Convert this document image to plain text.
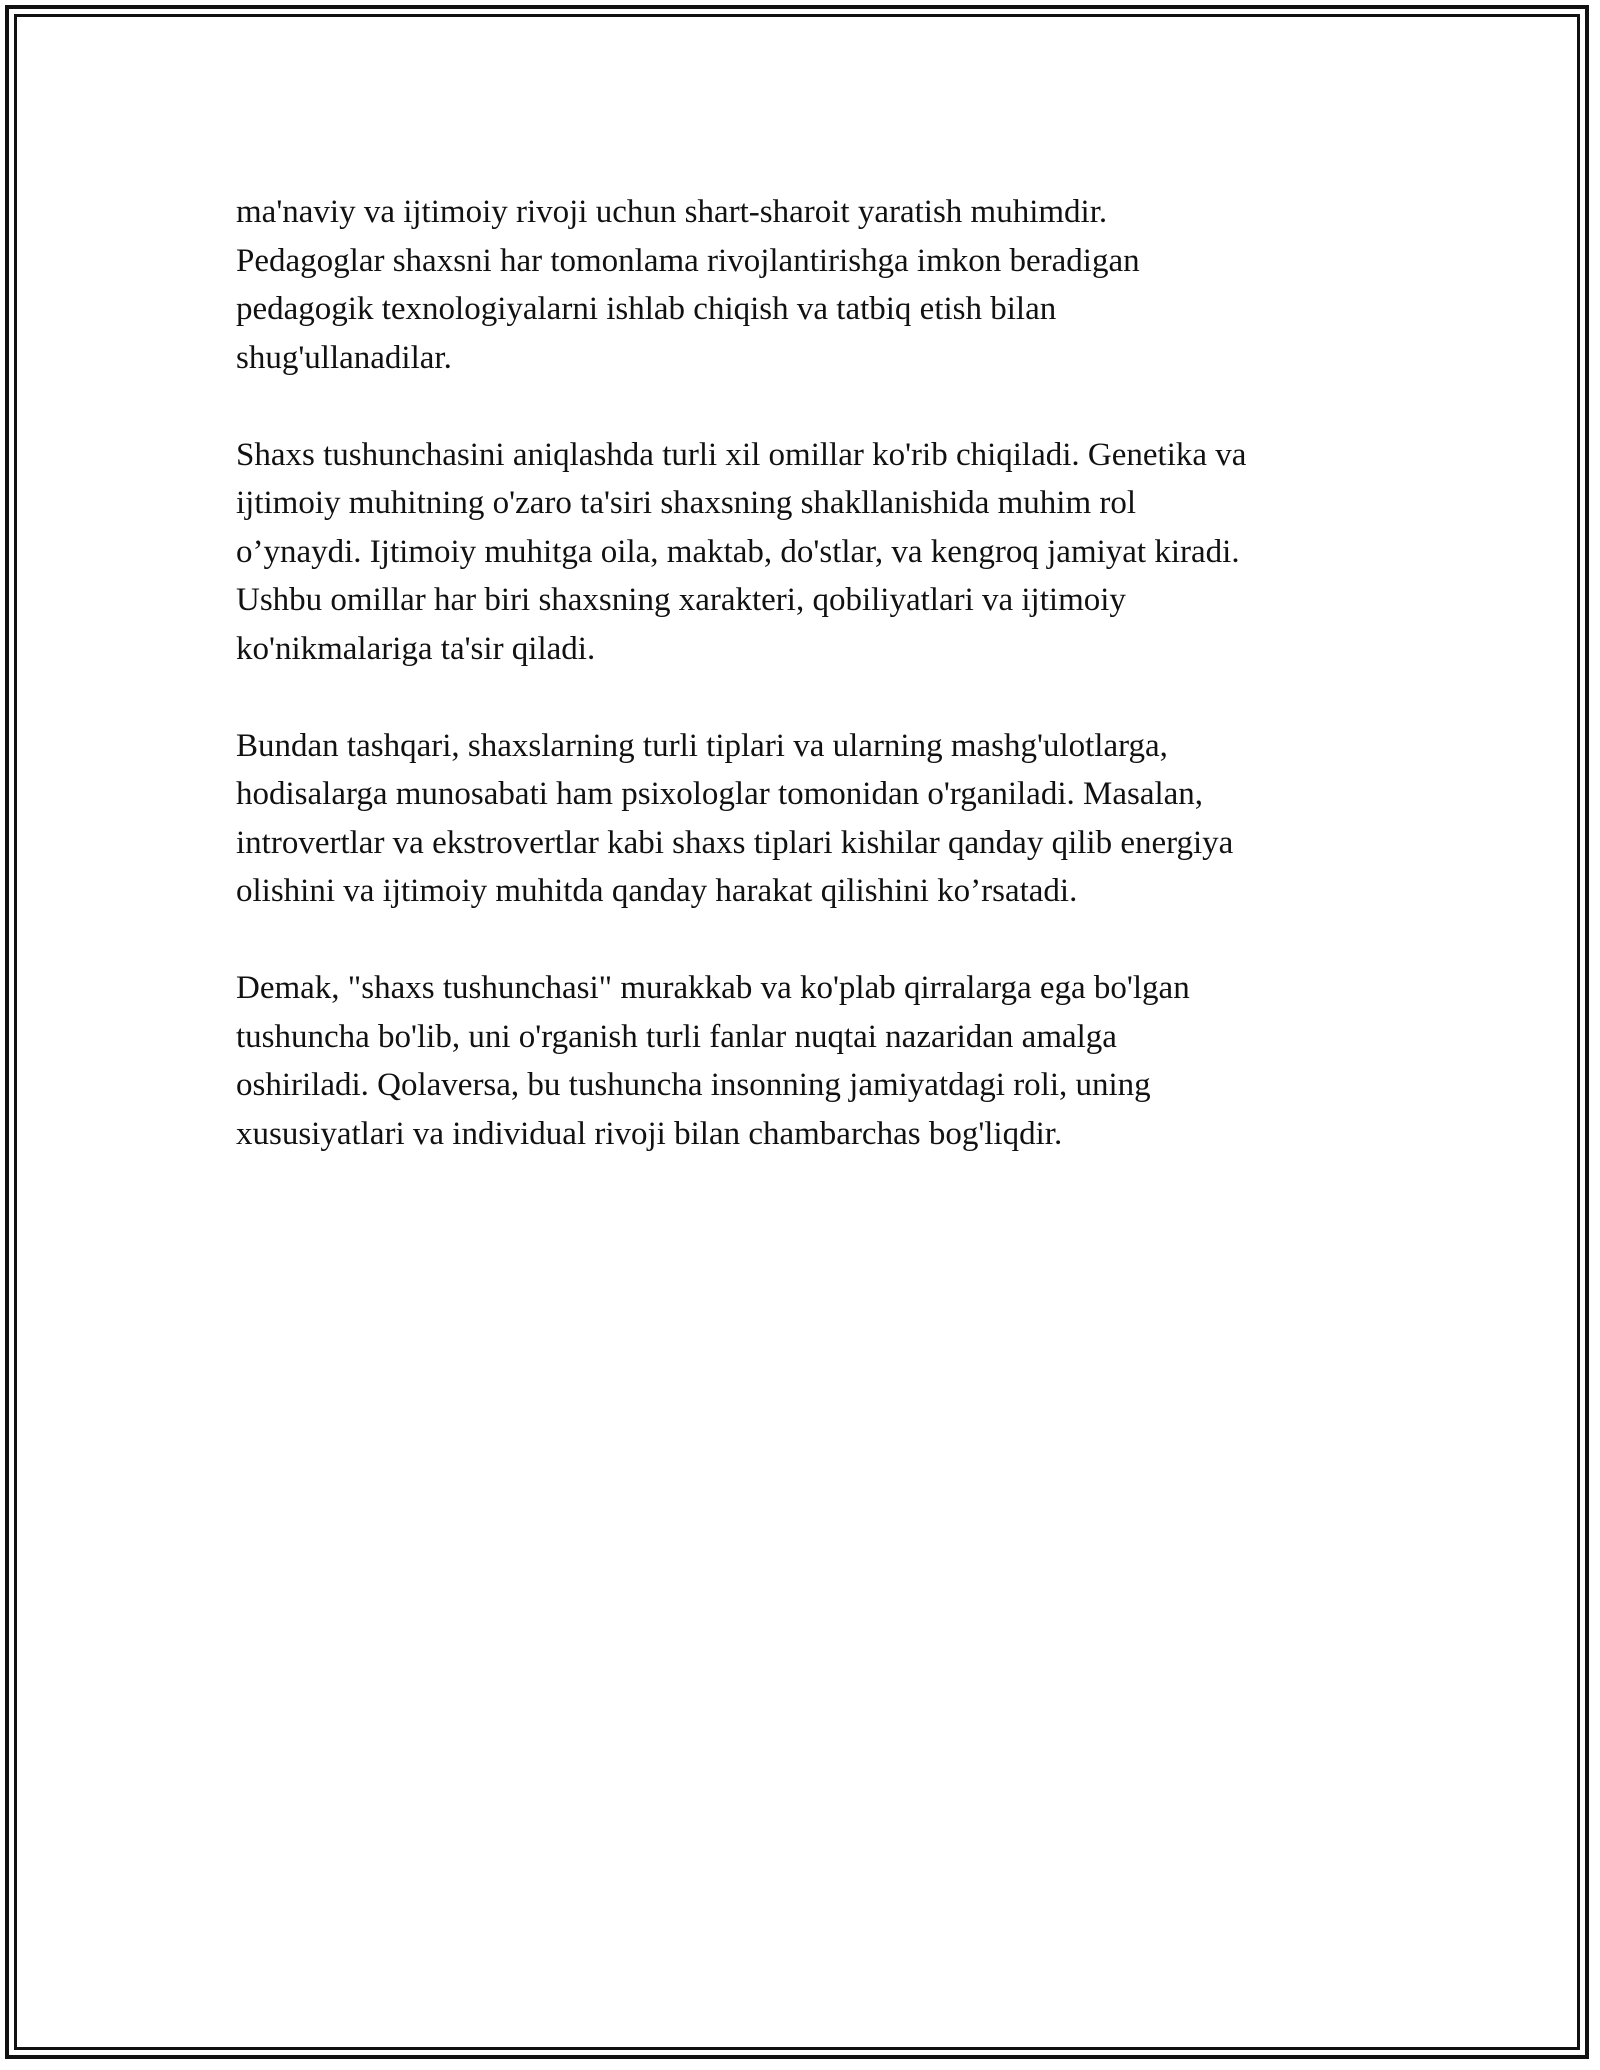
ma'naviy va ijtimoiy rivoji uchun shart-sharoit yaratish muhimdir.
Pedagoglar shaxsni har tomonlama rivojlantirishga imkon beradigan
pedagogik texnologiyalarni ishlab chiqish va tatbiq etish bilan
shug'ullanadilar.

Shaxs tushunchasini aniqlashda turli xil omillar ko'rib chiqiladi. Genetika va
ijtimoiy muhitning o'zaro ta'siri shaxsning shakllanishida muhim rol
o’ynaydi. Ijtimoiy muhitga oila, maktab, do'stlar, va kengroq jamiyat kiradi.
Ushbu omillar har biri shaxsning xarakteri, qobiliyatlari va ijtimoiy
ko'nikmalariga ta'sir qiladi.

Bundan tashqari, shaxslarning turli tiplari va ularning mashg'ulotlarga,
hodisalarga munosabati ham psixologlar tomonidan o'rganiladi. Masalan,
introvertlar va ekstrovertlar kabi shaxs tiplari kishilar qanday qilib energiya
olishini va ijtimoiy muhitda qanday harakat qilishini ko’rsatadi.

Demak, "shaxs tushunchasi" murakkab va ko'plab qirralarga ega bo'lgan
tushuncha bo'lib, uni o'rganish turli fanlar nuqtai nazaridan amalga
oshiriladi. Qolaversa, bu tushuncha insonning jamiyatdagi roli, uning
xususiyatlari va individual rivoji bilan chambarchas bog'liqdir.
